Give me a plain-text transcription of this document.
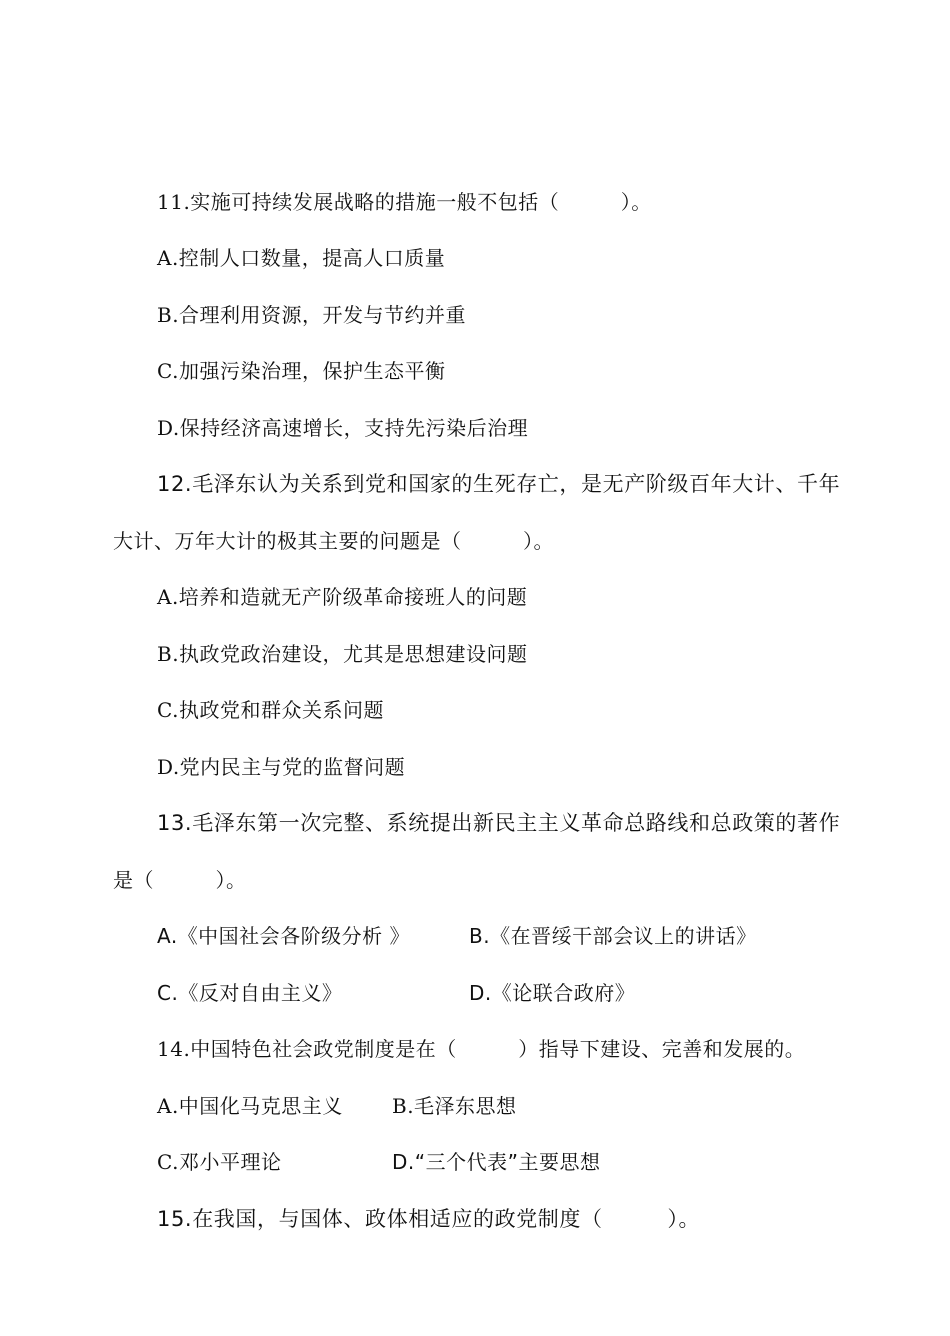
11.实施可持续发展战略的措施一般不包括（　　　）。
A.控制人口数量，提高人口质量
B.合理利用资源，开发与节约并重
C.加强污染治理，保护生态平衡
D.保持经济高速增长，支持先污染后治理
12.毛泽东认为关系到党和国家的生死存亡，是无产阶级百年大计、千年
大计、万年大计的极其主要的问题是（　　　）。
A.培养和造就无产阶级革命接班人的问题
B.执政党政治建设，尤其是思想建设问题
C.执政党和群众关系问题
D.党内民主与党的监督问题
13.毛泽东第一次完整、系统提出新民主主义革命总路线和总政策的著作
是（　　　）。
A.《中国社会各阶级分析 》	B.《在晋绥干部会议上的讲话》
C.《反对自由主义》	D.《论联合政府》
14.中国特色社会政党制度是在（　　　）指导下建设、完善和发展的。
A.中国化马克思主义 B.毛泽东思想
C.邓小平理论	D.“三个代表”主要思想
15.在我国，与国体、政体相适应的政党制度（　　　）。
